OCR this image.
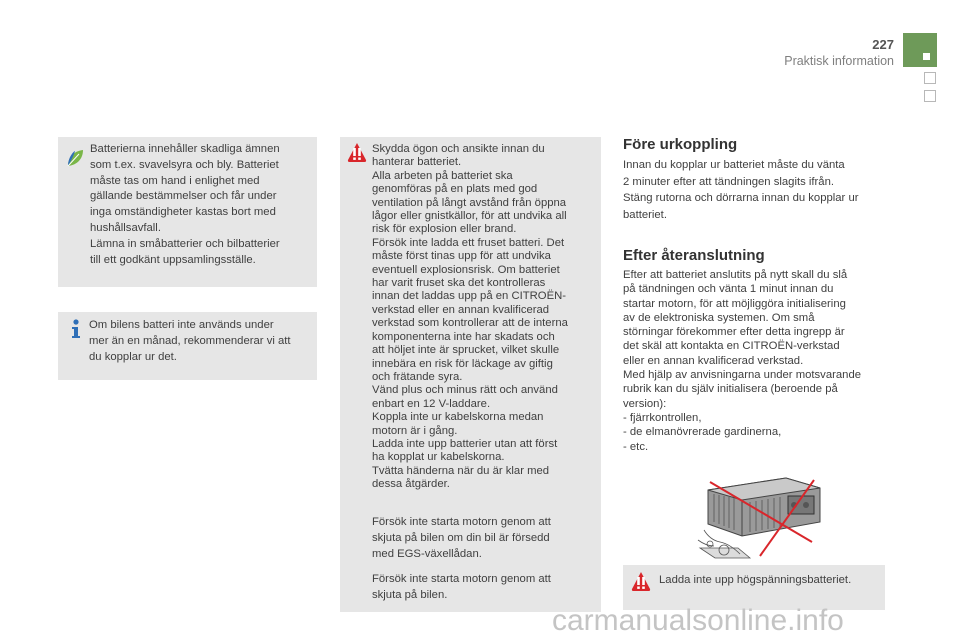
227
Praktisk information
Batterierna innehåller skadliga ämnen
som t.ex. svavelsyra och bly. Batteriet
måste tas om hand i enlighet med
gällande bestämmelser och får under
inga omständigheter kastas bort med
hushållsavfall.
Lämna in småbatterier och bilbatterier
till ett godkänt uppsamlingsställe.
Om bilens batteri inte används under
mer än en månad, rekommenderar vi att
du kopplar ur det.
Skydda ögon och ansikte innan du
hanterar batteriet.
Alla arbeten på batteriet ska
genomföras på en plats med god
ventilation på långt avstånd från öppna
lågor eller gnistkällor, för att undvika all
risk för explosion eller brand.
Försök inte ladda ett fruset batteri. Det
måste först tinas upp för att undvika
eventuell explosionsrisk. Om batteriet
har varit fruset ska det kontrolleras
innan det laddas upp på en CITROËN-
verkstad eller en annan kvalificerad
verkstad som kontrollerar att de interna
komponenterna inte har skadats och
att höljet inte är sprucket, vilket skulle
innebära en risk för läckage av giftig
och frätande syra.
Vänd plus och minus rätt och använd
enbart en 12 V-laddare.
Koppla inte ur kabelskorna medan
motorn är i gång.
Ladda inte upp batterier utan att först
ha kopplat ur kabelskorna.
Tvätta händerna när du är klar med
dessa åtgärder.
Försök inte starta motorn genom att
skjuta på bilen om din bil är försedd
med EGS-växellådan.
Försök inte starta motorn genom att
skjuta på bilen.
Före urkoppling
Innan du kopplar ur batteriet måste du vänta
2 minuter efter att tändningen slagits ifrån.
Stäng rutorna och dörrarna innan du kopplar ur
batteriet.
Efter återanslutning
Efter att batteriet anslutits på nytt skall du slå
på tändningen och vänta 1 minut innan du
startar motorn, för att möjliggöra initialisering
av de elektroniska systemen. Om små
störningar förekommer efter detta ingrepp är
det skäl att kontakta en CITROËN-verkstad
eller en annan kvalificerad verkstad.
Med hjälp av anvisningarna under motsvarande
rubrik kan du själv initialisera (beroende på
version):
- fjärrkontrollen,
- de elmanövrerade gardinerna,
- etc.
Ladda inte upp högspänningsbatteriet.
carmanualsonline.info
